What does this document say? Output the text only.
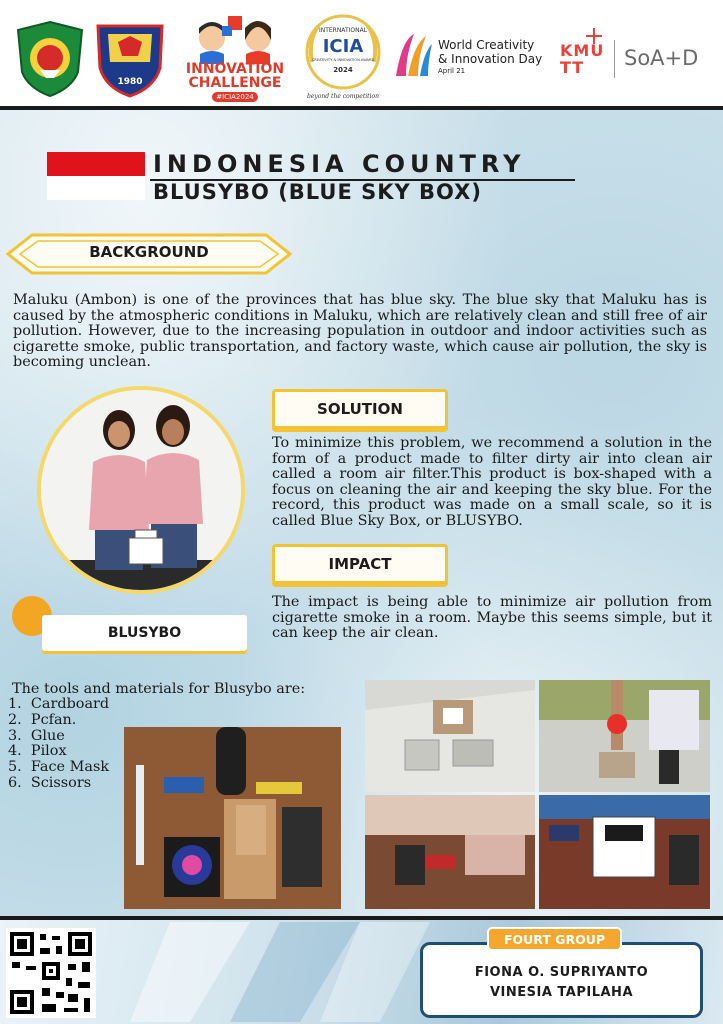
1980
INNOVATION
CHALLENGE
#ICIA2024
INTERNATIONAL
ICIA
CREATIVITY & INNOVATION AWARD
2024
beyond the competition
World Creativity
& Innovation Day
April 21
KMUTT	SoA+D
INDONESIA COUNTRY
BLUSYBO (BLUE SKY BOX)
BACKGROUND
Maluku (Ambon) is one of the provinces that has blue sky. The blue sky that Maluku has is caused by the atmospheric conditions in Maluku, which are relatively clean and still free of air pollution. However, due to the increasing population in outdoor and indoor activities such as cigarette smoke, public transportation, and factory waste, which cause air pollution, the sky is becoming unclean.
SOLUTION
To minimize this problem, we recommend a solution in the form of a product made to filter dirty air into clean air called a room air filter.This product is box-shaped with a focus on cleaning the air and keeping the sky blue. For the record, this product was made on a small scale, so it is called Blue Sky Box, or BLUSYBO.
IMPACT
The impact is being able to minimize air pollution from cigarette smoke in a room. Maybe this seems simple, but it can keep the air clean.
BLUSYBO
The tools and materials for Blusybo are:
1.  Cardboard
2.  Pcfan.
3.  Glue
4.  Pilox
5.  Face Mask
6.  Scissors
FOURT GROUP
FIONA O. SUPRIYANTO
VINESIA TAPILAHA
